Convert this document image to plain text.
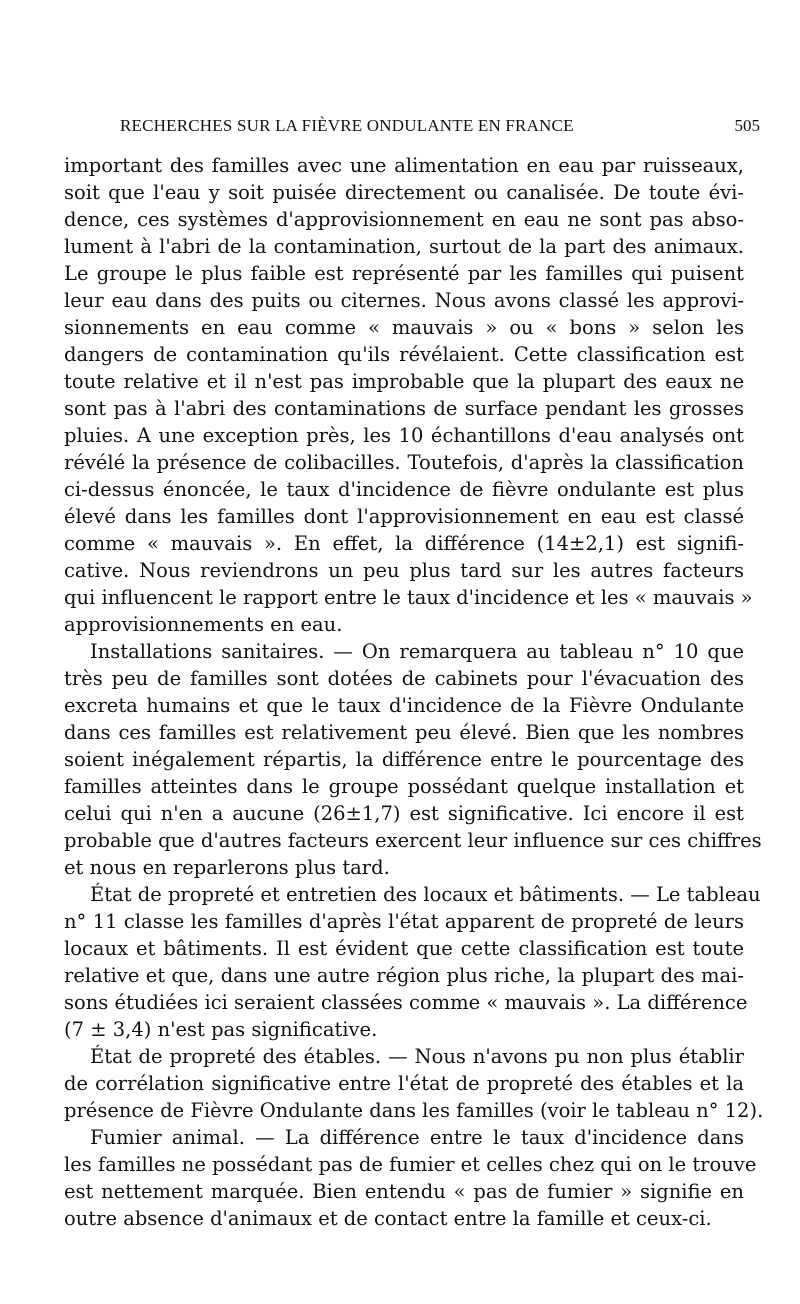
RECHERCHES SUR LA FIÈVRE ONDULANTE EN FRANCE	505
important des familles avec une alimentation en eau par ruisseaux,
soit que l'eau y soit puisée directement ou canalisée. De toute évi-
dence, ces systèmes d'approvisionnement en eau ne sont pas abso-
lument à l'abri de la contamination, surtout de la part des animaux.
Le groupe le plus faible est représenté par les familles qui puisent
leur eau dans des puits ou citernes. Nous avons classé les approvi-
sionnements en eau comme « mauvais » ou « bons » selon les
dangers de contamination qu'ils révélaient. Cette classification est
toute relative et il n'est pas improbable que la plupart des eaux ne
sont pas à l'abri des contaminations de surface pendant les grosses
pluies. A une exception près, les 10 échantillons d'eau analysés ont
révélé la présence de colibacilles. Toutefois, d'après la classification
ci-dessus énoncée, le taux d'incidence de fièvre ondulante est plus
élevé dans les familles dont l'approvisionnement en eau est classé
comme « mauvais ». En effet, la différence (14±2,1) est signifi-
cative. Nous reviendrons un peu plus tard sur les autres facteurs
qui influencent le rapport entre le taux d'incidence et les « mauvais »
approvisionnements en eau.
Installations sanitaires. — On remarquera au tableau n° 10 que
très peu de familles sont dotées de cabinets pour l'évacuation des
excreta humains et que le taux d'incidence de la Fièvre Ondulante
dans ces familles est relativement peu élevé. Bien que les nombres
soient inégalement répartis, la différence entre le pourcentage des
familles atteintes dans le groupe possédant quelque installation et
celui qui n'en a aucune (26±1,7) est significative. Ici encore il est
probable que d'autres facteurs exercent leur influence sur ces chiffres
et nous en reparlerons plus tard.
État de propreté et entretien des locaux et bâtiments. — Le tableau
n° 11 classe les familles d'après l'état apparent de propreté de leurs
locaux et bâtiments. Il est évident que cette classification est toute
relative et que, dans une autre région plus riche, la plupart des mai-
sons étudiées ici seraient classées comme « mauvais ». La différence
(7 ± 3,4) n'est pas significative.
État de propreté des étables. — Nous n'avons pu non plus établir
de corrélation significative entre l'état de propreté des étables et la
présence de Fièvre Ondulante dans les familles (voir le tableau n° 12).
Fumier animal. — La différence entre le taux d'incidence dans
les familles ne possédant pas de fumier et celles chez qui on le trouve
est nettement marquée. Bien entendu « pas de fumier » signifie en
outre absence d'animaux et de contact entre la famille et ceux-ci.
